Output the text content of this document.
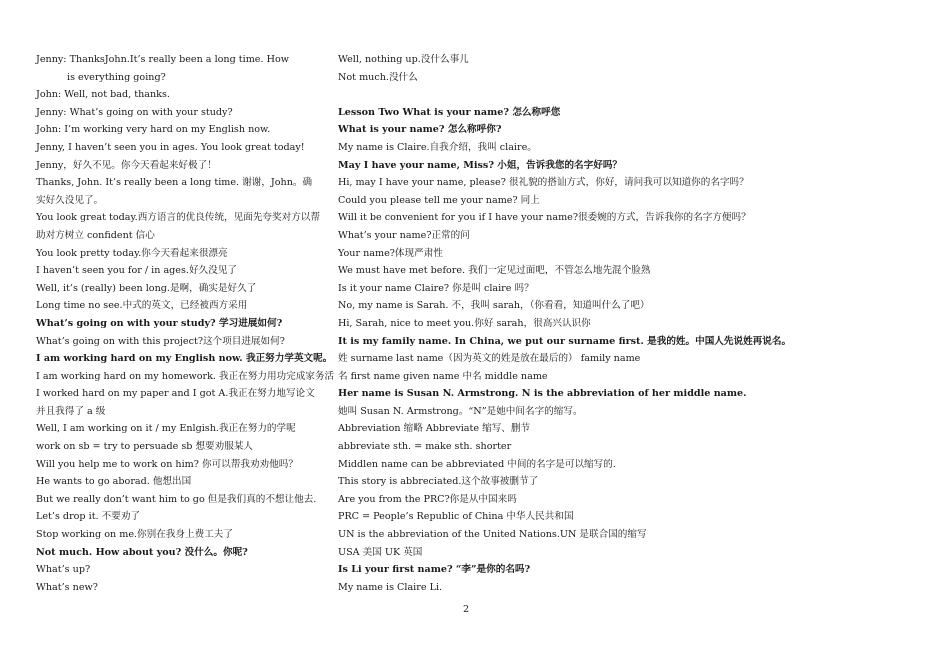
Jenny: ThanksJohn.It’s really been a long time. How
is everything going?
John: Well, not bad, thanks.
Jenny: What’s going on with your study?
John: I’m working very hard on my English now.
Jenny, I haven’t seen you in ages. You look great today! Jenny，好久不见。你今天看起来好极了！
Thanks, John. It’s really been a long time. 谢谢，John。确实好久没见了。
You look great today.西方语言的优良传统，见面先夸奖对方以帮助对方树立 confident 信心
You look pretty today.你今天看起来很漂亮
I haven’t seen you for / in ages.好久没见了
Well, it’s (really) been long.是啊，确实是好久了
Long time no see.中式的英文，已经被西方采用
What’s going on with your study? 学习进展如何?
What’s going on with this project?这个项目进展如何?
I am working hard on my English now. 我正努力学英文呢。
I am working hard on my homework. 我正在努力用功完成家务活
I worked hard on my paper and I got A.我正在努力地写论文并且我得了 a 级
Well, I am working on it / my Enlgish.我正在努力的学呢
work on sb = try to persuade sb 想要劝服某人
Will you help me to work on him? 你可以帮我劝劝他吗？
He wants to go aborad. 他想出国
But we really don’t want him to go 但是我们真的不想让他去.
Let’s drop it. 不要劝了
Stop working on me.你别在我身上费工夫了
Not much. How about you? 没什么。你呢?
What’s up?
What’s new?
Well, nothing up.没什么事儿
Not much.没什么
Lesson Two What is your name? 怎么称呼您
What is your name? 怎么称呼你?
My name is Claire.自我介绍，我叫 claire。
May I have your name, Miss? 小姐，告诉我您的名字好吗？
Hi, may I have your name, please? 很礼貌的搭讪方式，你好，请问我可以知道你的名字吗？
Could you please tell me your name? 同上
Will it be convenient for you if I have your name?很委婉的方式，告诉我你的名字方便吗？
What’s your name?正常的问
Your name?体现严肃性
We must have met before. 我们一定见过面吧，不管怎么地先混个脸熟
Is it your name Claire? 你是叫 claire 吗？
No, my name is Sarah. 不，我叫 sarah，（你看看，知道叫什么了吧）
Hi, Sarah, nice to meet you.你好 sarah，很高兴认识你
It is my family name. In China, we put our surname first. 是我的姓。中国人先说姓再说名。
姓 surname last name（因为英文的姓是放在最后的） family name
名 first name given name 中名 middle name
Her name is Susan N. Armstrong. N is the abbreviation of her middle name.
她叫 Susan N. Armstrong。“N”是她中间名字的缩写。
Abbreviation 缩略 Abbreviate 缩写、删节
abbreviate sth. = make sth. shorter
Middlen name can be abbreviated 中间的名字是可以缩写的.
This story is abbreciated.这个故事被删节了
Are you from the PRC?你是从中国来吗
PRC = People’s Republic of China 中华人民共和国
UN is the abbreviation of the United Nations.UN 是联合国的缩写
USA 美国 UK 英国
Is Li your first name? “李”是你的名吗?
My name is Claire Li.
2
